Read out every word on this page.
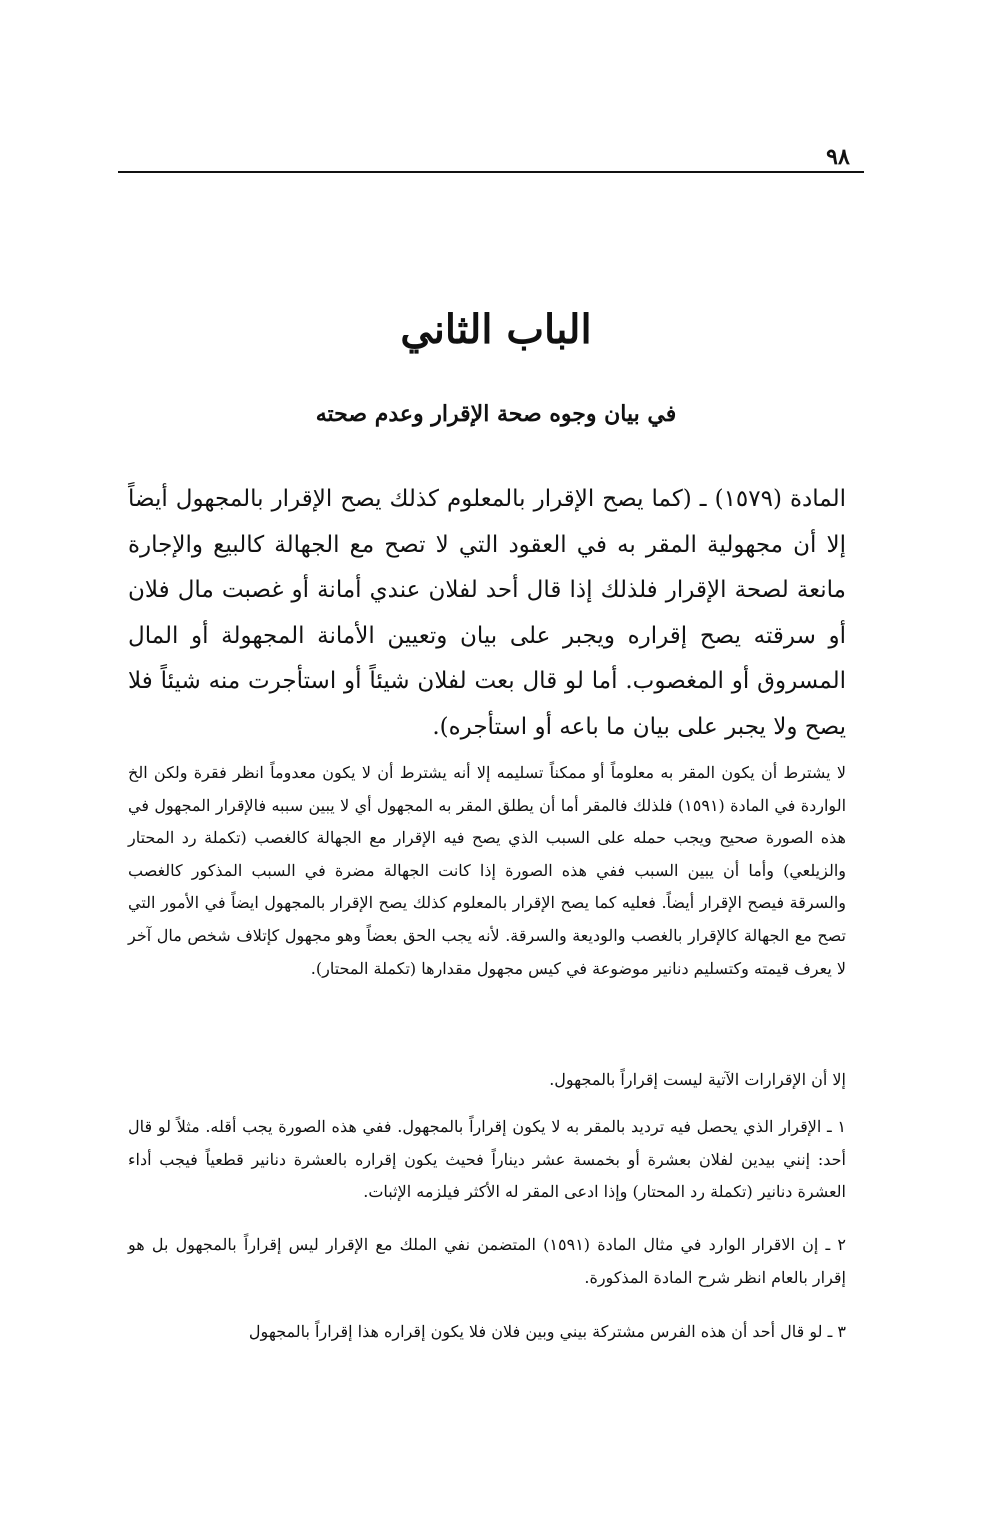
٩٨
الباب الثاني
في بيان وجوه صحة الإقرار وعدم صحته

المادة (١٥٧٩) ـ (كما يصح الإقرار بالمعلوم كذلك يصح الإقرار بالمجهول أيضاً إلا أن مجهولية المقر به في العقود التي لا تصح مع الجهالة كالبيع والإجارة مانعة لصحة الإقرار فلذلك إذا قال أحد لفلان عندي أمانة أو غصبت مال فلان أو سرقته يصح إقراره ويجبر على بيان وتعيين الأمانة المجهولة أو المال المسروق أو المغصوب. أما لو قال بعت لفلان شيئاً أو استأجرت منه شيئاً فلا يصح ولا يجبر على بيان ما باعه أو استأجره).

لا يشترط أن يكون المقر به معلوماً أو ممكناً تسليمه إلا أنه يشترط أن لا يكون معدوماً انظر فقرة ولكن الخ الواردة في المادة (١٥٩١) فلذلك فالمقر أما أن يطلق المقر به المجهول أي لا يبين سببه فالإقرار المجهول في هذه الصورة صحيح ويجب حمله على السبب الذي يصح فيه الإقرار مع الجهالة كالغصب (تكملة رد المحتار والزيلعي) وأما أن يبين السبب ففي هذه الصورة إذا كانت الجهالة مضرة في السبب المذكور كالغصب والسرقة فيصح الإقرار أيضاً. فعليه كما يصح الإقرار بالمعلوم كذلك يصح الإقرار بالمجهول ايضاً في الأمور التي تصح مع الجهالة كالإقرار بالغصب والوديعة والسرقة. لأنه يجب الحق بعضاً وهو مجهول كإتلاف شخص مال آخر لا يعرف قيمته وكتسليم دنانير موضوعة في كيس مجهول مقدارها (تكملة المحتار).

إلا أن الإقرارات الآتية ليست إقراراً بالمجهول.

١ ـ الإقرار الذي يحصل فيه ترديد بالمقر به لا يكون إقراراً بالمجهول. ففي هذه الصورة يجب أقله. مثلاً لو قال أحد: إنني بيدين لفلان بعشرة أو بخمسة عشر ديناراً فحيث يكون إقراره بالعشرة دنانير قطعياً فيجب أداء العشرة دنانير (تكملة رد المحتار) وإذا ادعى المقر له الأكثر فيلزمه الإثبات.

٢ ـ إن الاقرار الوارد في مثال المادة (١٥٩١) المتضمن نفي الملك مع الإقرار ليس إقراراً بالمجهول بل هو إقرار بالعام انظر شرح المادة المذكورة.

٣ ـ لو قال أحد أن هذه الفرس مشتركة بيني وبين فلان فلا يكون إقراره هذا إقراراً بالمجهول
